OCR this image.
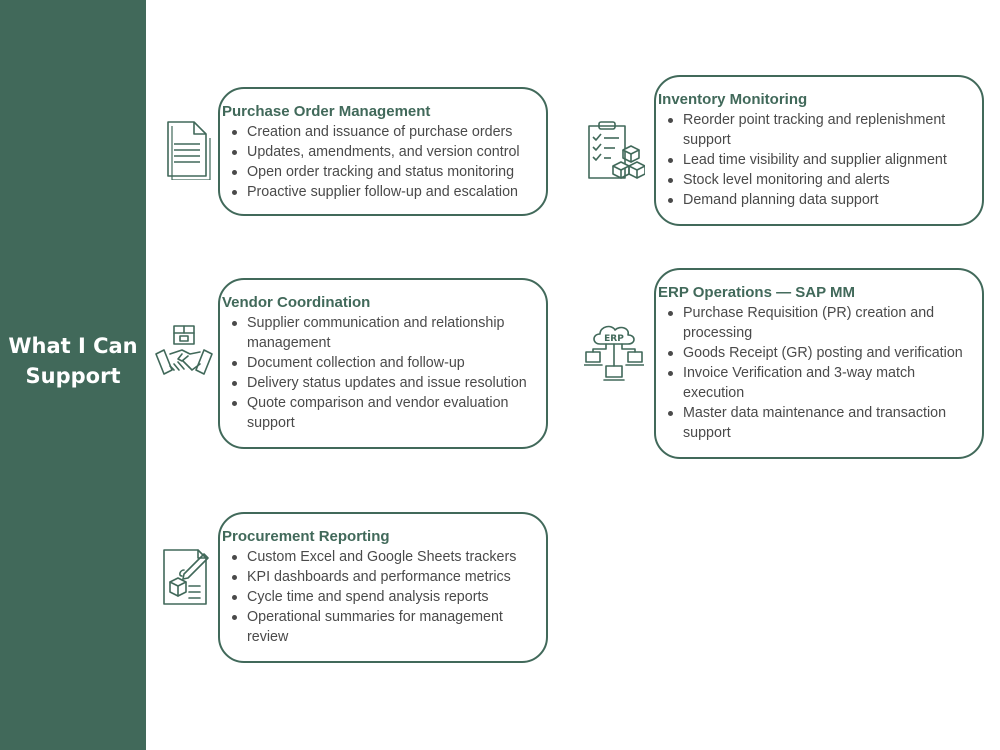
What I Can
Support
Purchase Order Management
Creation and issuance of purchase orders
Updates, amendments, and version control
Open order tracking and status monitoring
Proactive supplier follow-up and escalation
Inventory Monitoring
Reorder point tracking and replenishment support
Lead time visibility and supplier alignment
Stock level monitoring and alerts
Demand planning data support
Vendor Coordination
Supplier communication and relationship management
Document collection and follow-up
Delivery status updates and issue resolution
Quote comparison and vendor evaluation support
ERP
ERP Operations — SAP MM
Purchase Requisition (PR) creation and processing
Goods Receipt (GR) posting and verification
Invoice Verification and 3-way match execution
Master data maintenance and transaction support
Procurement Reporting
Custom Excel and Google Sheets trackers
KPI dashboards and performance metrics
Cycle time and spend analysis reports
Operational summaries for management review
